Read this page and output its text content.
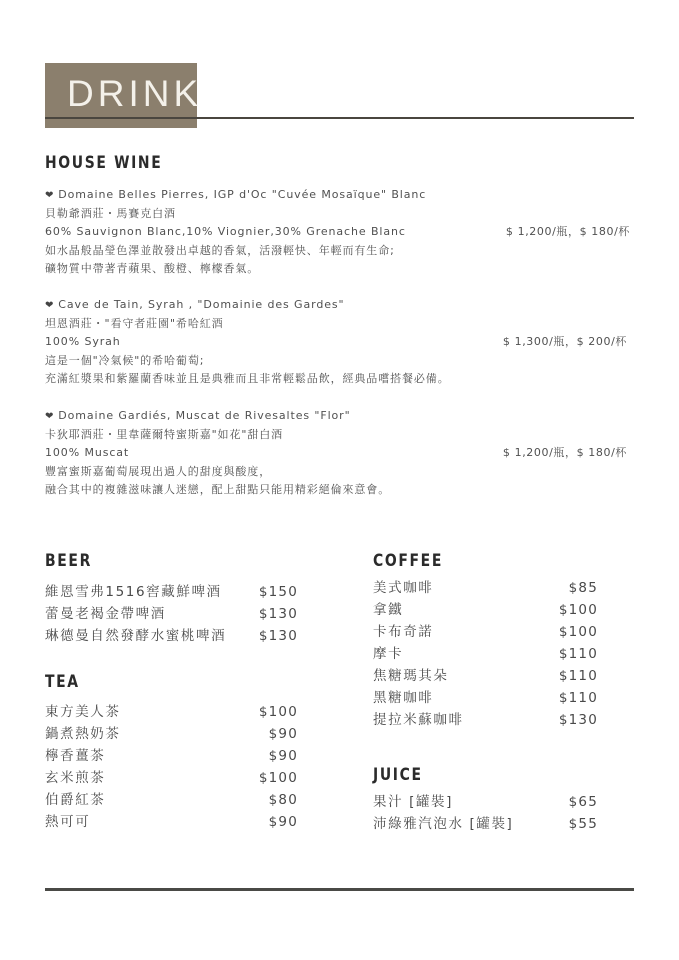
DRINK
HOUSE WINE
❤ Domaine Belles Pierres, IGP d'Oc "Cuvée Mosaïque" Blanc
貝勒爺酒莊・馬賽克白酒
60% Sauvignon Blanc,10% Viognier,30% Grenache Blanc	$ 1,200/瓶，$ 180/杯
如水晶般晶瑩色澤並散發出卓越的香氣，活潑輕快、年輕而有生命;
礦物質中帶著青蘋果、酸橙、檸檬香氣。
❤ Cave de Tain, Syrah , "Domainie des Gardes"
坦恩酒莊・"看守者莊園"希哈紅酒
100% Syrah	$ 1,300/瓶，$ 200/杯
這是一個"冷氣候"的希哈葡萄;
充滿紅漿果和紫羅蘭香味並且是典雅而且非常輕鬆品飲，經典品嚐搭餐必備。
❤ Domaine Gardiés, Muscat de Rivesaltes "Flor"
卡狄耶酒莊・里韋薩爾特蜜斯嘉"如花"甜白酒
100% Muscat	$ 1,200/瓶，$ 180/杯
豐富蜜斯嘉葡萄展現出過人的甜度與酸度，
融合其中的複雜滋味讓人迷戀，配上甜點只能用精彩絕倫來意會。
BEER
維恩雪弗1516窖藏鮮啤酒	$150
蕾曼老褐金帶啤酒	$130
琳德曼自然發酵水蜜桃啤酒 $130
TEA
東方美人茶	$100
鍋煮熱奶茶	$90
檸香薑茶	$90
玄米煎茶	$100
伯爵紅茶	$80
熱可可	$90
COFFEE
美式咖啡	$85
拿鐵	$100
卡布奇諾	$100
摩卡	$110
焦糖瑪其朵	$110
黑糖咖啡	$110
提拉米蘇咖啡	$130
JUICE
果汁 [罐裝]	$65
沛綠雅汽泡水 [罐裝]	$55
